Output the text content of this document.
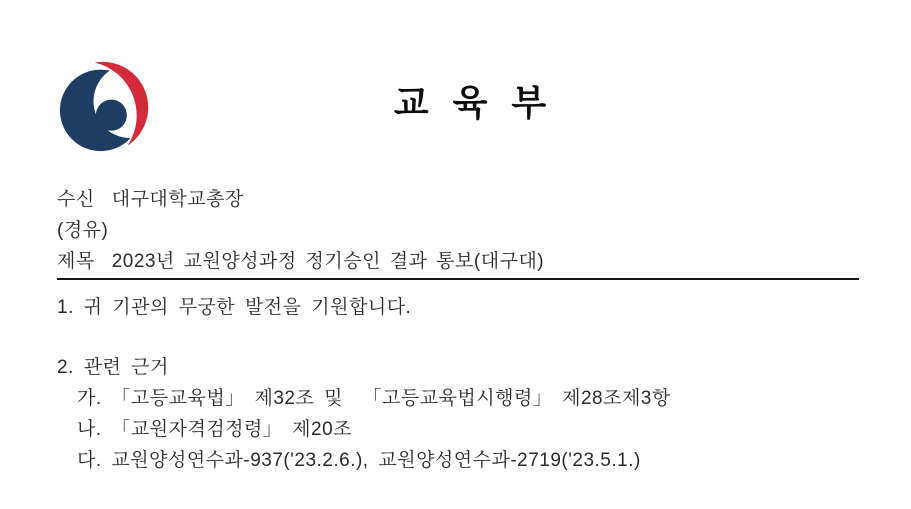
교 육 부
수신 대구대학교총장
(경유)
제목 2023년 교원양성과정 정기승인 결과 통보(대구대)
1. 귀 기관의 무궁한 발전을 기원합니다.
2. 관련 근거
가. 「고등교육법」 제32조 및  「고등교육법시행령」 제28조제3항
나. 「교원자격검정령」 제20조
다. 교원양성연수과-937('23.2.6.), 교원양성연수과-2719('23.5.1.)
